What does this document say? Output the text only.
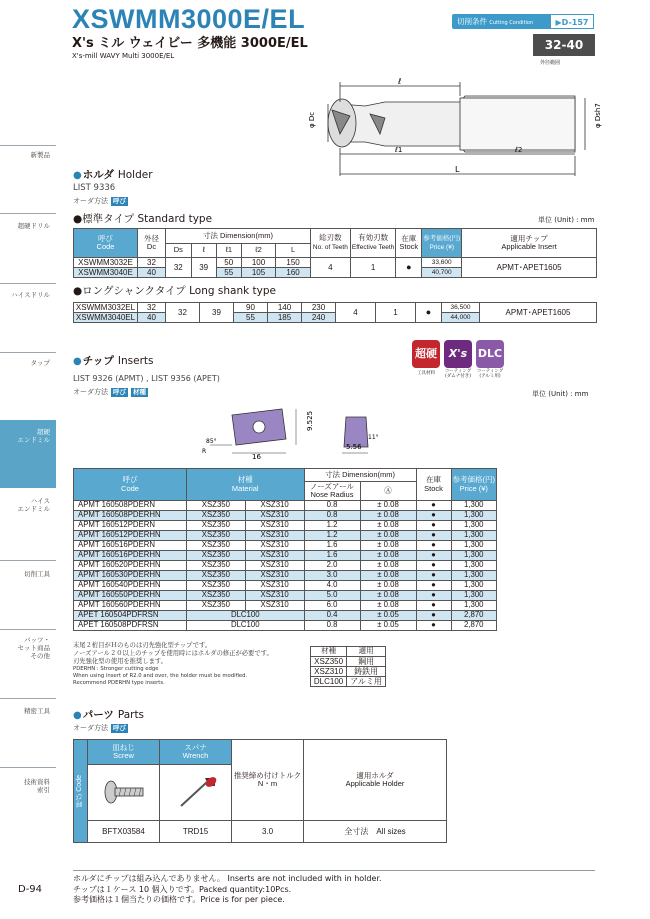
新製品
超硬ドリル
ハイスドリル
タップ
超硬
エンドミル
ハイス
エンドミル
切削工具
バッツ・
セット商品
その他
精密工具
技術資料
索引
XSWMM3000E/EL
X's ミル ウェイビー 多機能 3000E/EL
X's-mill WAVY Multi 3000E/EL
切削条件 Cutting Condition	▶D-157
32-40
外径範囲
ℓ
φ Dc	φ Dsh7
ℓ1	ℓ2
L
●ホルダ Holder
LIST 9336
オーダ方法 呼び
●標準タイプ Standard type	単位 (Unit) : mm
呼び
Code	外径
Dc	寸法 Dimension(mm)					総刃数
No. of Teeth	有効刃数
Effective Teeth	在庫
Stock	参考価格(円)
Price (¥)	適用チップ
Applicable Insert
		Ds	ℓ	ℓ1	ℓ2	L					
XSWMM3032E	32	32	39	50	100	150	4	1	●	33,600	APMT･APET1605
XSWMM3040E	40			55	105	160				40,700	
●ロングシャンクタイプ Long shank type
XSWMM3032EL	32	32	39	90	140	230	4	1	●	36,500	APMT･APET1605
XSWMM3040EL	40			55	185	240				44,000	
●チップ Inserts
LIST 9326 (APMT) , LIST 9356 (APET)
オーダ方法 呼び 材種
超硬	X's DLC
工具材料	コーティング
(ダムナ付き)
コーティング
(アルミ用)
単位 (Unit) : mm
9.525
16
5.56
11°
85°
R
呼び
Code	材種
Material		寸法 Dimension(mm)		在庫
Stock	参考価格(円)
Price (¥)
			ノーズアール
Nose Radius	Ⓐ		
APMT 160508PDERN	XSZ350	XSZ310	0.8	± 0.08	●	1,300
APMT 160508PDERHN	XSZ350	XSZ310	0.8	± 0.08	●	1,300
APMT 160512PDERN	XSZ350	XSZ310	1.2	± 0.08	●	1,300
APMT 160512PDERHN	XSZ350	XSZ310	1.2	± 0.08	●	1,300
APMT 160516PDERN	XSZ350	XSZ310	1.6	± 0.08	●	1,300
APMT 160516PDERHN	XSZ350	XSZ310	1.6	± 0.08	●	1,300
APMT 160520PDERHN	XSZ350	XSZ310	2.0	± 0.08	●	1,300
APMT 160530PDERHN	XSZ350	XSZ310	3.0	± 0.08	●	1,300
APMT 160540PDERHN	XSZ350	XSZ310	4.0	± 0.08	●	1,300
APMT 160550PDERHN	XSZ350	XSZ310	5.0	± 0.08	●	1,300
APMT 160560PDERHN	XSZ350	XSZ310	6.0	± 0.08	●	1,300
APET 160504PDFRSN	DLC100		0.4	± 0.05	●	2,870
APET 160508PDFRSN	DLC100		0.8	± 0.05	●	2,870
末尾２桁目がＨのものは刃先強化型チップです。
ノーズアール２０以上のチップを使用時にはホルダの修正が必要です。
刃先強化型の使用を推奨します。
PDERHN : Stronger cutting edge
When using insert of R2.0 and over, the holder must be modified.
Recommend PDERHN type inserts.
材種	適用
XSZ350	鋼用
XSZ310	鋳鉄用
DLC100	アルミ用
●パーツ Parts
オーダ方法 呼び
呼び Code	皿ねじ
Screw	スパナ
Wrench	推奨締め付けトルク
N・m	適用ホルダ
Applicable Holder

	BFTX03584	TRD15	3.0	全寸法　All sizes
ホルダにチップは組み込んでありません。 Inserts are not included with in holder.
チップは１ケース 10 個入りです。Packed quantity:10Pcs.
参考価格は１個当たりの価格です。Price is for per piece.
D-94
